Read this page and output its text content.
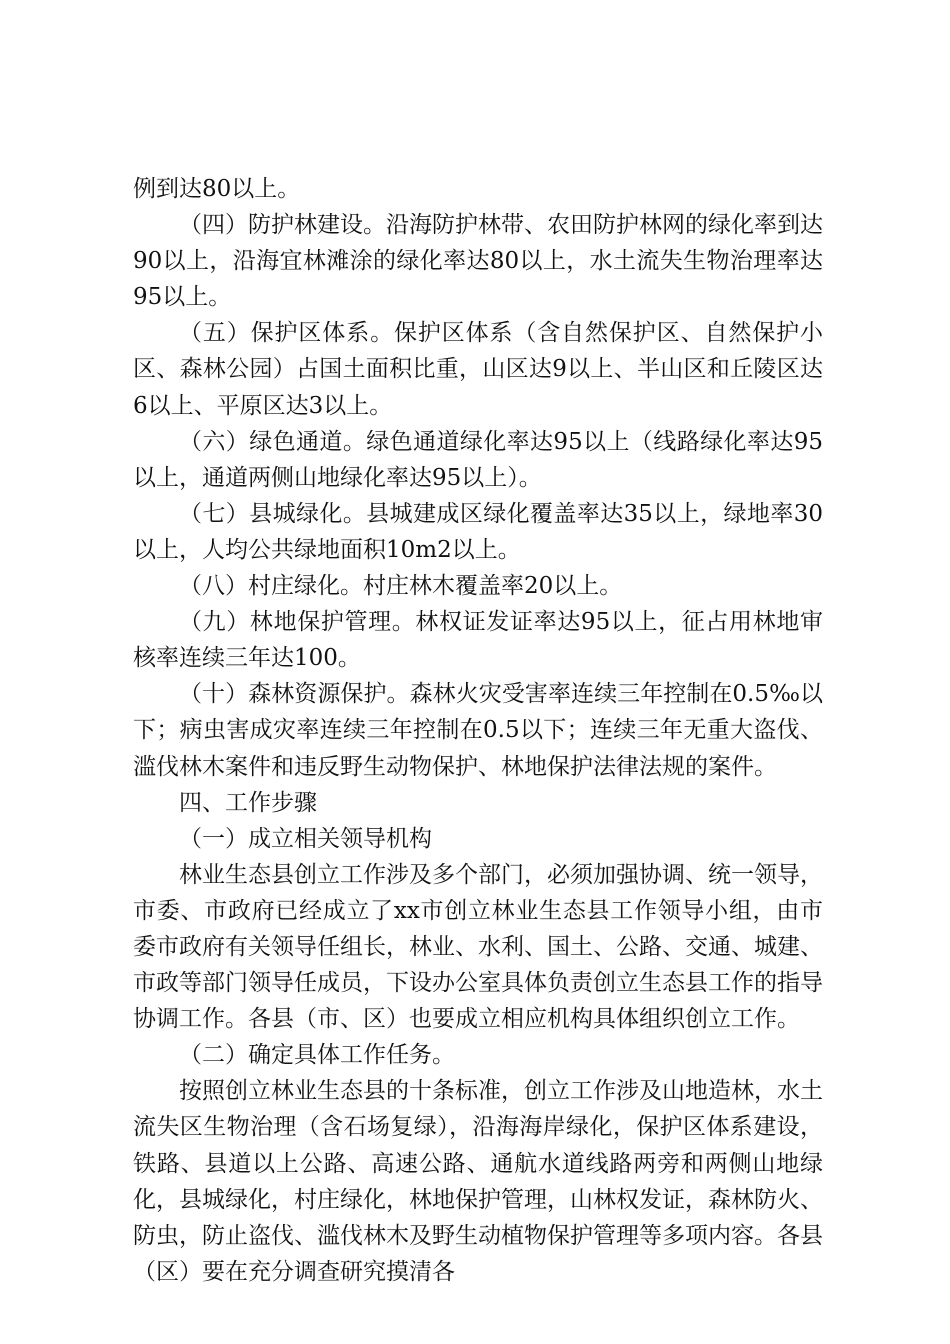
例到达80以上。

（四）防护林建设。沿海防护林带、农田防护林网的绿化率到达90以上，沿海宜林滩涂的绿化率达80以上，水土流失生物治理率达95以上。

（五）保护区体系。保护区体系（含自然保护区、自然保护小区、森林公园）占国土面积比重，山区达9以上、半山区和丘陵区达6以上、平原区达3以上。

（六）绿色通道。绿色通道绿化率达95以上（线路绿化率达95以上，通道两侧山地绿化率达95以上）。

（七）县城绿化。县城建成区绿化覆盖率达35以上，绿地率30以上，人均公共绿地面积10m2以上。

（八）村庄绿化。村庄林木覆盖率20以上。

（九）林地保护管理。林权证发证率达95以上，征占用林地审核率连续三年达100。

（十）森林资源保护。森林火灾受害率连续三年控制在0.5‰以下；病虫害成灾率连续三年控制在0.5以下；连续三年无重大盗伐、滥伐林木案件和违反野生动物保护、林地保护法律法规的案件。

四、工作步骤

（一）成立相关领导机构

林业生态县创立工作涉及多个部门，必须加强协调、统一领导，市委、市政府已经成立了xx市创立林业生态县工作领导小组，由市委市政府有关领导任组长，林业、水利、国土、公路、交通、城建、市政等部门领导任成员，下设办公室具体负责创立生态县工作的指导协调工作。各县（市、区）也要成立相应机构具体组织创立工作。

（二）确定具体工作任务。

按照创立林业生态县的十条标准，创立工作涉及山地造林，水土流失区生物治理（含石场复绿），沿海海岸绿化，保护区体系建设，铁路、县道以上公路、高速公路、通航水道线路两旁和两侧山地绿化，县城绿化，村庄绿化，林地保护管理，山林权发证，森林防火、防虫，防止盗伐、滥伐林木及野生动植物保护管理等多项内容。各县（区）要在充分调查研究摸清各
